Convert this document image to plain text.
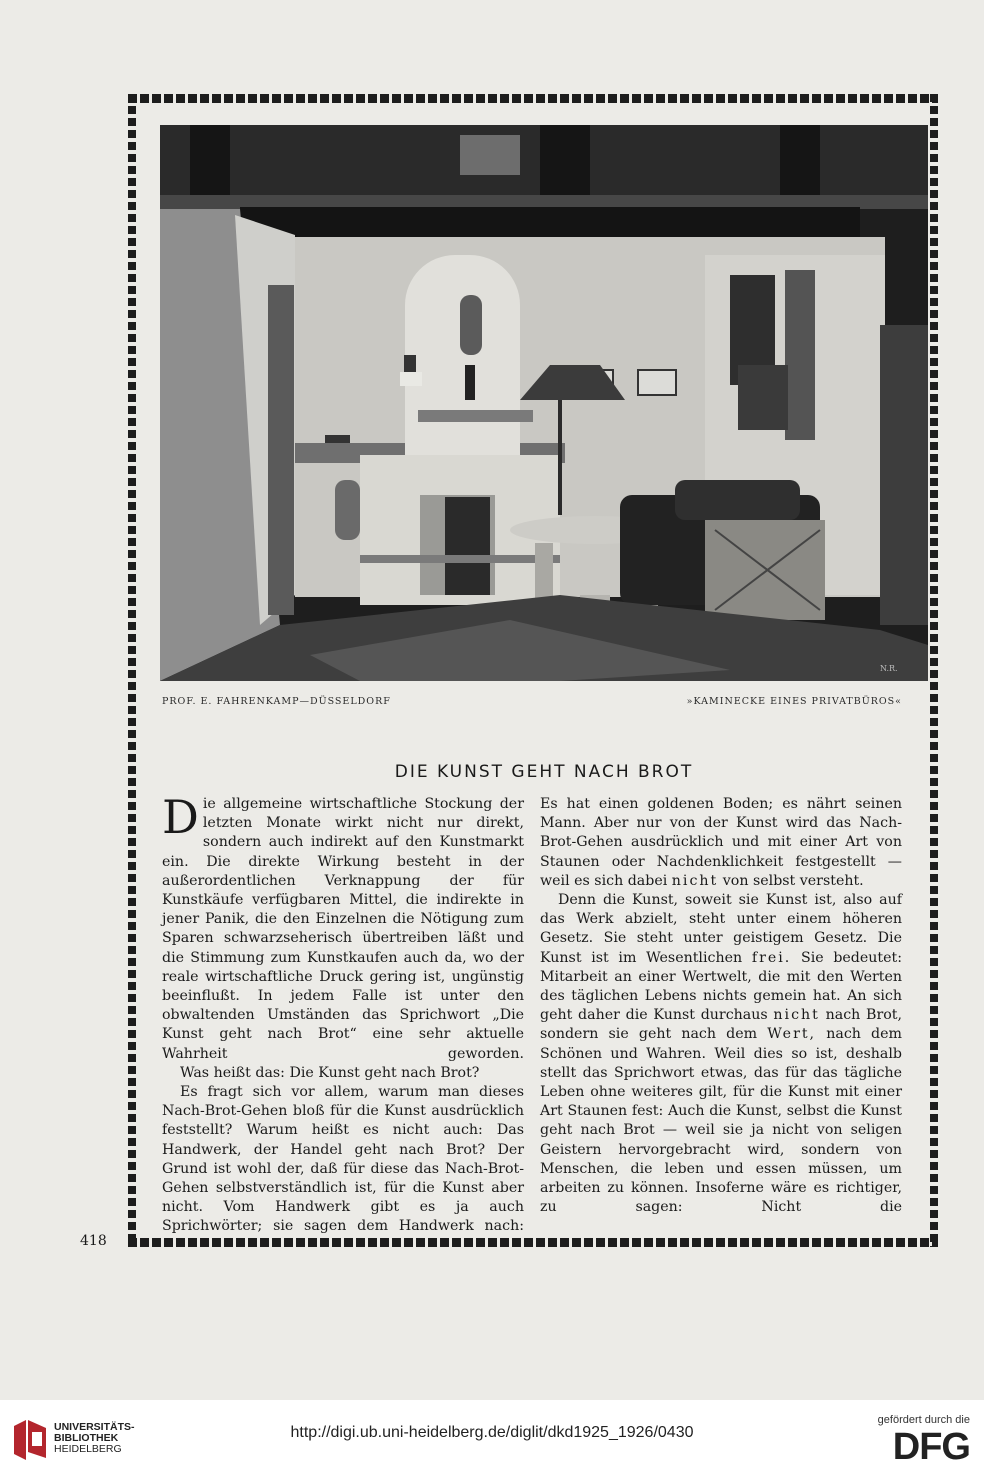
N.R.
PROF. E. FAHRENKAMP—DÜSSELDORF	»KAMINECKE EINES PRIVATBÜROS«
DIE KUNST GEHT NACH BROT

Die allgemeine wirtschaftliche Stockung der letzten Monate wirkt nicht nur direkt, sondern auch indirekt auf den Kunstmarkt ein. Die direkte Wirkung besteht in der außerordentlichen Verknappung der für Kunstkäufe verfügbaren Mittel, die indirekte in jener Panik, die den Einzelnen die Nötigung zum Sparen schwarzseherisch übertreiben läßt und die Stimmung zum Kunstkaufen auch da, wo der reale wirtschaftliche Druck gering ist, ungünstig beeinflußt. In jedem Falle ist unter den obwaltenden Umständen das Sprichwort „Die Kunst geht nach Brot“ eine sehr aktuelle Wahrheit geworden.

Was heißt das: Die Kunst geht nach Brot?

Es fragt sich vor allem, warum man dieses Nach-Brot-Gehen bloß für die Kunst ausdrücklich feststellt? Warum heißt es nicht auch: Das Handwerk, der Handel geht nach Brot? Der Grund ist wohl der, daß für diese das Nach-Brot-Gehen selbstverständlich ist, für die Kunst aber nicht. Vom Handwerk gibt es ja auch Sprichwörter; sie sagen dem Handwerk nach:

Es hat einen goldenen Boden; es nährt seinen Mann. Aber nur von der Kunst wird das Nach-Brot-Gehen ausdrücklich und mit einer Art von Staunen oder Nachdenklichkeit festgestellt — weil es sich dabei nicht von selbst versteht.

Denn die Kunst, soweit sie Kunst ist, also auf das Werk abzielt, steht unter einem höheren Gesetz. Sie steht unter geistigem Gesetz. Die Kunst ist im Wesentlichen frei. Sie bedeutet: Mitarbeit an einer Wertwelt, die mit den Werten des täglichen Lebens nichts gemein hat. An sich geht daher die Kunst durchaus nicht nach Brot, sondern sie geht nach dem Wert, nach dem Schönen und Wahren. Weil dies so ist, deshalb stellt das Sprichwort etwas, das für das tägliche Leben ohne weiteres gilt, für die Kunst mit einer Art Staunen fest: Auch die Kunst, selbst die Kunst geht nach Brot — weil sie ja nicht von seligen Geistern hervorgebracht wird, sondern von Menschen, die leben und essen müssen, um arbeiten zu können. Insoferne wäre es richtiger, zu sagen: Nicht die

418
UNIVERSITÄTS-
BIBLIOTHEK
HEIDELBERG
http://digi.ub.uni-heidelberg.de/diglit/dkd1925_1926/0430
gefördert durch die
DFG
